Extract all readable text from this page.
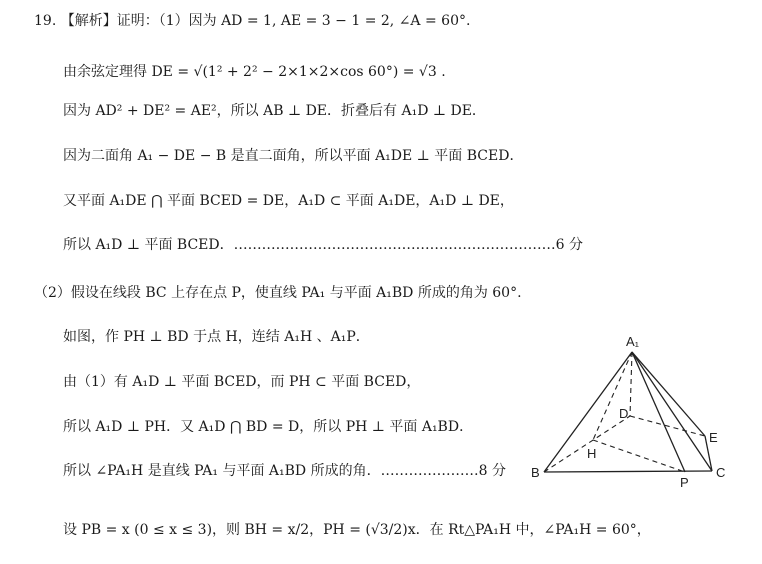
19. 【解析】证明：（1）因为 AD = 1, AE = 3 − 1 = 2, ∠A = 60°.
由余弦定理得 DE = √(1² + 2² − 2×1×2×cos 60°) = √3 .
因为 AD² + DE² = AE²，所以 AB ⊥ DE．折叠后有 A₁D ⊥ DE．
因为二面角 A₁ − DE − B 是直二面角，所以平面 A₁DE ⊥ 平面 BCED．
又平面 A₁DE ⋂ 平面 BCED = DE，A₁D ⊂ 平面 A₁DE，A₁D ⊥ DE，
所以 A₁D ⊥ 平面 BCED．……………………………………………………………6 分
（2）假设在线段 BC 上存在点 P，使直线 PA₁ 与平面 A₁BD 所成的角为 60°.
如图，作 PH ⊥ BD 于点 H，连结 A₁H 、A₁P．
由（1）有 A₁D ⊥ 平面 BCED，而 PH ⊂ 平面 BCED，
所以 A₁D ⊥ PH．又 A₁D ⋂ BD = D，所以 PH ⊥ 平面 A₁BD．
所以 ∠PA₁H 是直线 PA₁ 与平面 A₁BD 所成的角．…………………8 分
设 PB = x (0 ≤ x ≤ 3)，则 BH = x/2，PH = (√3/2)x．在 Rt△PA₁H 中，∠PA₁H = 60°，
A₁
D
E
H
B	C
P
